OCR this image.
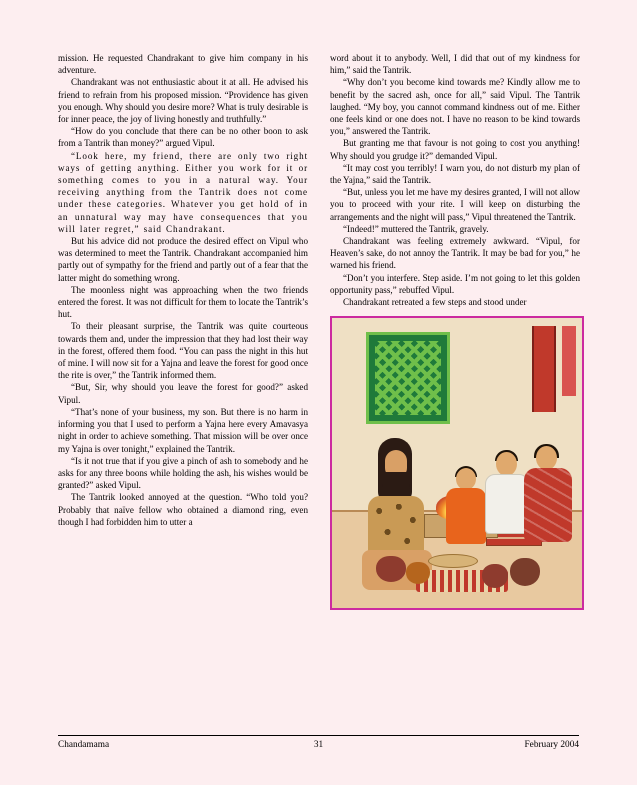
mission. He requested Chandrakant to give him company in his adventure.

Chandrakant was not enthusiastic about it at all. He advised his friend to refrain from his proposed mission. “Providence has given you enough. Why should you desire more? What is truly desirable is for inner peace, the joy of living honestly and truthfully.”

“How do you conclude that there can be no other boon to ask from a Tantrik than money?” argued Vipul.

“Look here, my friend, there are only two right ways of getting anything. Either you work for it or something comes to you in a natural way. Your receiving anything from the Tantrik does not come under these categories. Whatever you get hold of in an unnatural way may have consequences that you will later regret,” said Chandrakant.

But his advice did not produce the desired effect on Vipul who was determined to meet the Tantrik. Chandrakant accompanied him partly out of sympathy for the friend and partly out of a fear that the latter might do something wrong.

The moonless night was approaching when the two friends entered the forest. It was not difficult for them to locate the Tantrik’s hut.

To their pleasant surprise, the Tantrik was quite courteous towards them and, under the impression that they had lost their way in the forest, offered them food. “You can pass the night in this hut of mine. I will now sit for a Yajna and leave the forest for good once the rite is over,” the Tantrik informed them.

“But, Sir, why should you leave the forest for good?” asked Vipul.

“That’s none of your business, my son. But there is no harm in informing you that I used to perform a Yajna here every Amavasya night in order to achieve something. That mission will be over once my Yajna is over tonight,” explained the Tantrik.

“Is it not true that if you give a pinch of ash to somebody and he asks for any three boons while holding the ash, his wishes would be granted?” asked Vipul.

The Tantrik looked annoyed at the question. “Who told you? Probably that naïve fellow who obtained a diamond ring, even though I had forbidden him to utter a

word about it to anybody. Well, I did that out of my kindness for him,” said the Tantrik.

“Why don’t you become kind towards me? Kindly allow me to benefit by the sacred ash, once for all,” said Vipul. The Tantrik laughed. “My boy, you cannot command kindness out of me. Either one feels kind or one does not. I have no reason to be kind towards you,” answered the Tantrik.

But granting me that favour is not going to cost you anything! Why should you grudge it?” demanded Vipul.

“It may cost you terribly! I warn you, do not disturb my plan of the Yajna,” said the Tantrik.

“But, unless you let me have my desires granted, I will not allow you to proceed with your rite. I will keep on disturbing the arrangements and the night will pass,” Vipul threatened the Tantrik.

“Indeed!” muttered the Tantrik, gravely.

Chandrakant was feeling extremely awkward. “Vipul, for Heaven’s sake, do not annoy the Tantrik. It may be bad for you,” he warned his friend.

“Don’t you interfere. Step aside. I’m not going to let this golden opportunity pass,” rebuffed Vipul.

Chandrakant retreated a few steps and stood under

Chandamama	31	February 2004
